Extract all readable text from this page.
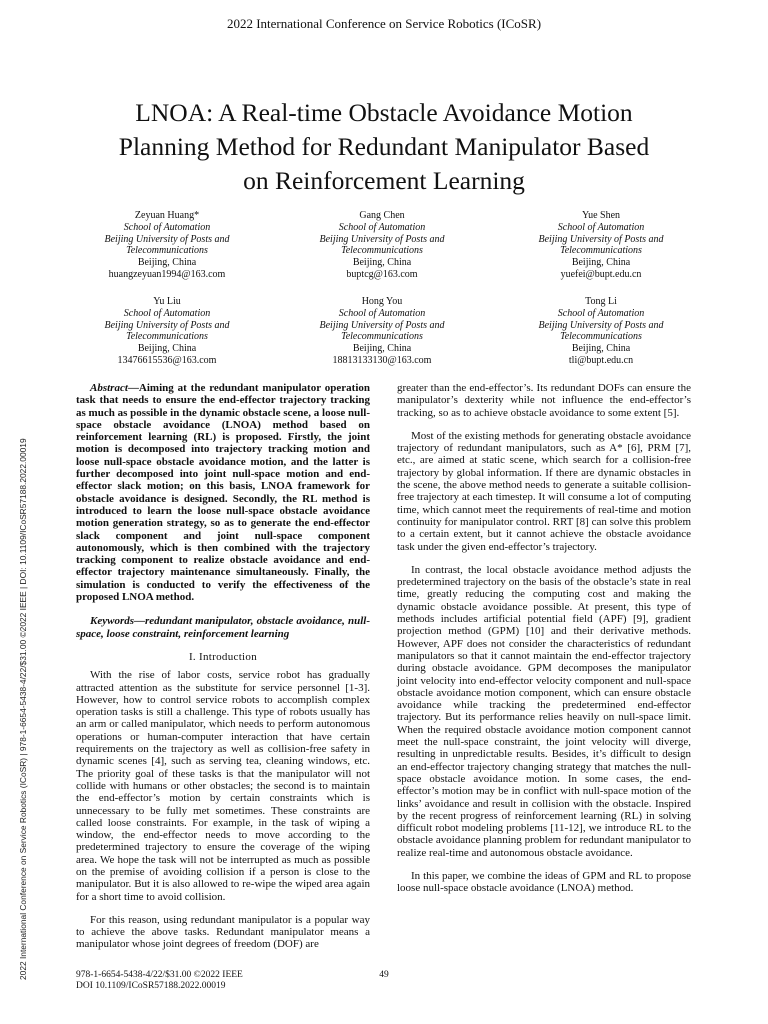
2022 International Conference on Service Robotics (ICoSR)
LNOA: A Real-time Obstacle Avoidance Motion
Planning Method for Redundant Manipulator Based
on Reinforcement Learning
Zeyuan Huang*
School of Automation
Beijing University of Posts and
Telecommunications
Beijing, China
huangzeyuan1994@163.com
Gang Chen
School of Automation
Beijing University of Posts and
Telecommunications
Beijing, China
buptcg@163.com
Yue Shen
School of Automation
Beijing University of Posts and
Telecommunications
Beijing, China
yuefei@bupt.edu.cn
Yu Liu
School of Automation
Beijing University of Posts and
Telecommunications
Beijing, China
13476615536@163.com
Hong You
School of Automation
Beijing University of Posts and
Telecommunications
Beijing, China
18813133130@163.com
Tong Li
School of Automation
Beijing University of Posts and
Telecommunications
Beijing, China
tli@bupt.edu.cn
2022 International Conference on Service Robotics (ICoSR) | 978-1-6654-5438-4/22/$31.00 ©2022 IEEE | DOI: 10.1109/ICoSR57188.2022.00019

Abstract—Aiming at the redundant manipulator operation task that needs to ensure the end-effector trajectory tracking as much as possible in the dynamic obstacle scene, a loose null-space obstacle avoidance (LNOA) method based on reinforcement learning (RL) is proposed. Firstly, the joint motion is decomposed into trajectory tracking motion and loose null-space obstacle avoidance motion, and the latter is further decomposed into joint null-space motion and end-effector slack motion; on this basis, LNOA framework for obstacle avoidance is designed. Secondly, the RL method is introduced to learn the loose null-space obstacle avoidance motion generation strategy, so as to generate the end-effector slack component and joint null-space component autonomously, which is then combined with the trajectory tracking component to realize obstacle avoidance and end-effector trajectory maintenance simultaneously. Finally, the simulation is conducted to verify the effectiveness of the proposed LNOA method.

Keywords—redundant manipulator, obstacle avoidance, null-space, loose constraint, reinforcement learning

I. Introduction

With the rise of labor costs, service robot has gradually attracted attention as the substitute for service personnel [1-3]. However, how to control service robots to accomplish complex operation tasks is still a challenge. This type of robots usually has an arm or called manipulator, which needs to perform autonomous operations or human-computer interaction that have certain requirements on the trajectory as well as collision-free safety in dynamic scenes [4], such as serving tea, cleaning windows, etc. The priority goal of these tasks is that the manipulator will not collide with humans or other obstacles; the second is to maintain the end-effector’s motion by certain constraints which is unnecessary to be fully met sometimes. These constraints are called loose constraints. For example, in the task of wiping a window, the end-effector needs to move according to the predetermined trajectory to ensure the coverage of the wiping area. We hope the task will not be interrupted as much as possible on the premise of avoiding collision if a person is close to the manipulator. But it is also allowed to re-wipe the wiped area again for a short time to avoid collision.

For this reason, using redundant manipulator is a popular way to achieve the above tasks. Redundant manipulator means a manipulator whose joint degrees of freedom (DOF) are

greater than the end-effector’s. Its redundant DOFs can ensure the manipulator’s dexterity while not influence the end-effector’s tracking, so as to achieve obstacle avoidance to some extent [5].

Most of the existing methods for generating obstacle avoidance trajectory of redundant manipulators, such as A* [6], PRM [7], etc., are aimed at static scene, which search for a collision-free trajectory by global information. If there are dynamic obstacles in the scene, the above method needs to generate a suitable collision-free trajectory at each timestep. It will consume a lot of computing time, which cannot meet the requirements of real-time and motion continuity for manipulator control. RRT [8] can solve this problem to a certain extent, but it cannot achieve the obstacle avoidance task under the given end-effector’s trajectory.

In contrast, the local obstacle avoidance method adjusts the predetermined trajectory on the basis of the obstacle’s state in real time, greatly reducing the computing cost and making the dynamic obstacle avoidance possible. At present, this type of methods includes artificial potential field (APF) [9], gradient projection method (GPM) [10] and their derivative methods. However, APF does not consider the characteristics of redundant manipulators so that it cannot maintain the end-effector trajectory during obstacle avoidance. GPM decomposes the manipulator joint velocity into end-effector velocity component and null-space obstacle avoidance motion component, which can ensure obstacle avoidance while tracking the predetermined end-effector trajectory. But its performance relies heavily on null-space limit. When the required obstacle avoidance motion component cannot meet the null-space constraint, the joint velocity will diverge, resulting in unpredictable results. Besides, it’s difficult to design an end-effector trajectory changing strategy that matches the null-space obstacle avoidance motion. In some cases, the end-effector’s motion may be in conflict with null-space motion of the links’ avoidance and result in collision with the obstacle. Inspired by the recent progress of reinforcement learning (RL) in solving difficult robot modeling problems [11-12], we introduce RL to the obstacle avoidance planning problem for redundant manipulator to realize real-time and autonomous obstacle avoidance.

In this paper, we combine the ideas of GPM and RL to propose loose null-space obstacle avoidance (LNOA) method.

978-1-6654-5438-4/22/$31.00 ©2022 IEEE
DOI 10.1109/ICoSR57188.2022.00019
49
